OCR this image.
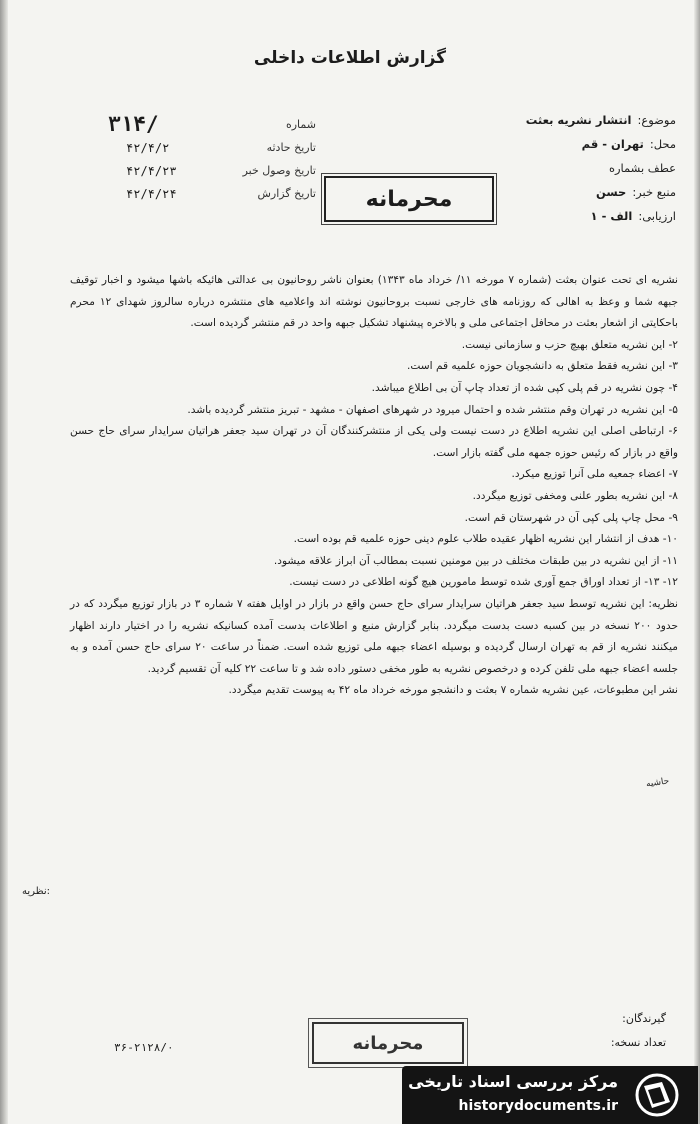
گزارش اطلاعات داخلی
۳۱۴/	شماره
تاریخ حادثه
۴۲/۴/۲
تاریخ وصول خبر
۴۲/۴/۲۳
تاریخ گزارش
۴۲/۴/۲۴
موضوع:
انتشار نشریه بعثت
محل:
تهران - قم
عطف بشماره
منبع خبر:
حسن
ارزیابی:
الف - ۱
محرمانه

نشریه ای تحت عنوان بعثت (شماره ۷ مورخه ۱۱/ خرداد ماه ۱۳۴۳) بعنوان ناشر روحانیون بی عدالتی هائیکه باشها میشود و اخبار توقیف جبهه شما و وعظ به اهالی که روزنامه های خارجی نسبت بروحانیون نوشته اند واعلامیه های منتشره درباره سالروز شهدای ۱۲ محرم باحکایتی از اشعار بعثت در محافل اجتماعی ملی و بالاخره پیشنهاد تشکیل جبهه واحد در قم منتشر گردیده است.

۲- این نشریه متعلق بهیچ حزب و سازمانی نیست.

۳- این نشریه فقط متعلق به دانشجویان حوزه علمیه قم است.

۴- چون نشریه در قم پلی کپی شده از تعداد چاپ آن بی اطلاع میباشد.

۵- این نشریه در تهران وقم منتشر شده و احتمال میرود در شهرهای اصفهان - مشهد - تبریز منتشر گردیده باشد.

۶- ارتباطی اصلی این نشریه اطلاع در دست نیست ولی یکی از منتشرکنندگان آن در تهران سید جعفر هراتیان سرایدار سرای حاج حسن واقع در بازار که رئیس حوزه جمهه ملی گفته بازار است.

۷- اعضاء جمعیه ملی آنرا توزیع میکرد.

۸- این نشریه بطور علنی ومخفی توزیع میگردد.

۹- محل چاپ پلی کپی آن در شهرستان قم است.

۱۰- هدف از انتشار این نشریه اظهار عقیده طلاب علوم دینی حوزه علمیه قم بوده است.

۱۱- از این نشریه در بین طبقات مختلف در بین مومنین نسبت بمطالب آن ابراز علاقه میشود.

۱۲- ۱۳- از تعداد اوراق جمع آوری شده توسط مامورین هیچ گونه اطلاعی در دست نیست.

نظریه: این نشریه توسط سید جعفر هراتیان سرایدار سرای حاج حسن واقع در بازار در اوایل هفته ۷ شماره ۳ در بازار توزیع میگردد که در حدود ۲۰۰ نسخه در بین کسبه دست بدست میگردد. بنابر گزارش منبع و اطلاعات بدست آمده کسانیکه نشریه را در اختیار دارند اظهار میکنند نشریه از قم به تهران ارسال گردیده و بوسیله اعضاء جبهه ملی توزیع شده است. ضمناً در ساعت ۲۰ سرای حاج حسن آمده و به جلسه اعضاء جبهه ملی تلفن کرده و درخصوص نشریه به طور مخفی دستور داده شد و تا ساعت ۲۲ کلیه آن تقسیم گردید.

نشر این مطبوعات، عین نشریه شماره ۷ بعثت و دانشجو مورخه خرداد ماه ۴۲ به پیوست تقدیم میگردد.

نظریه:
حاشیه
گیرندگان:
تعداد نسخه:
محرمانه
۳۶-۲۱۲۸/۰
مرکز بررسی اسناد تاریخی
historydocuments.ir
